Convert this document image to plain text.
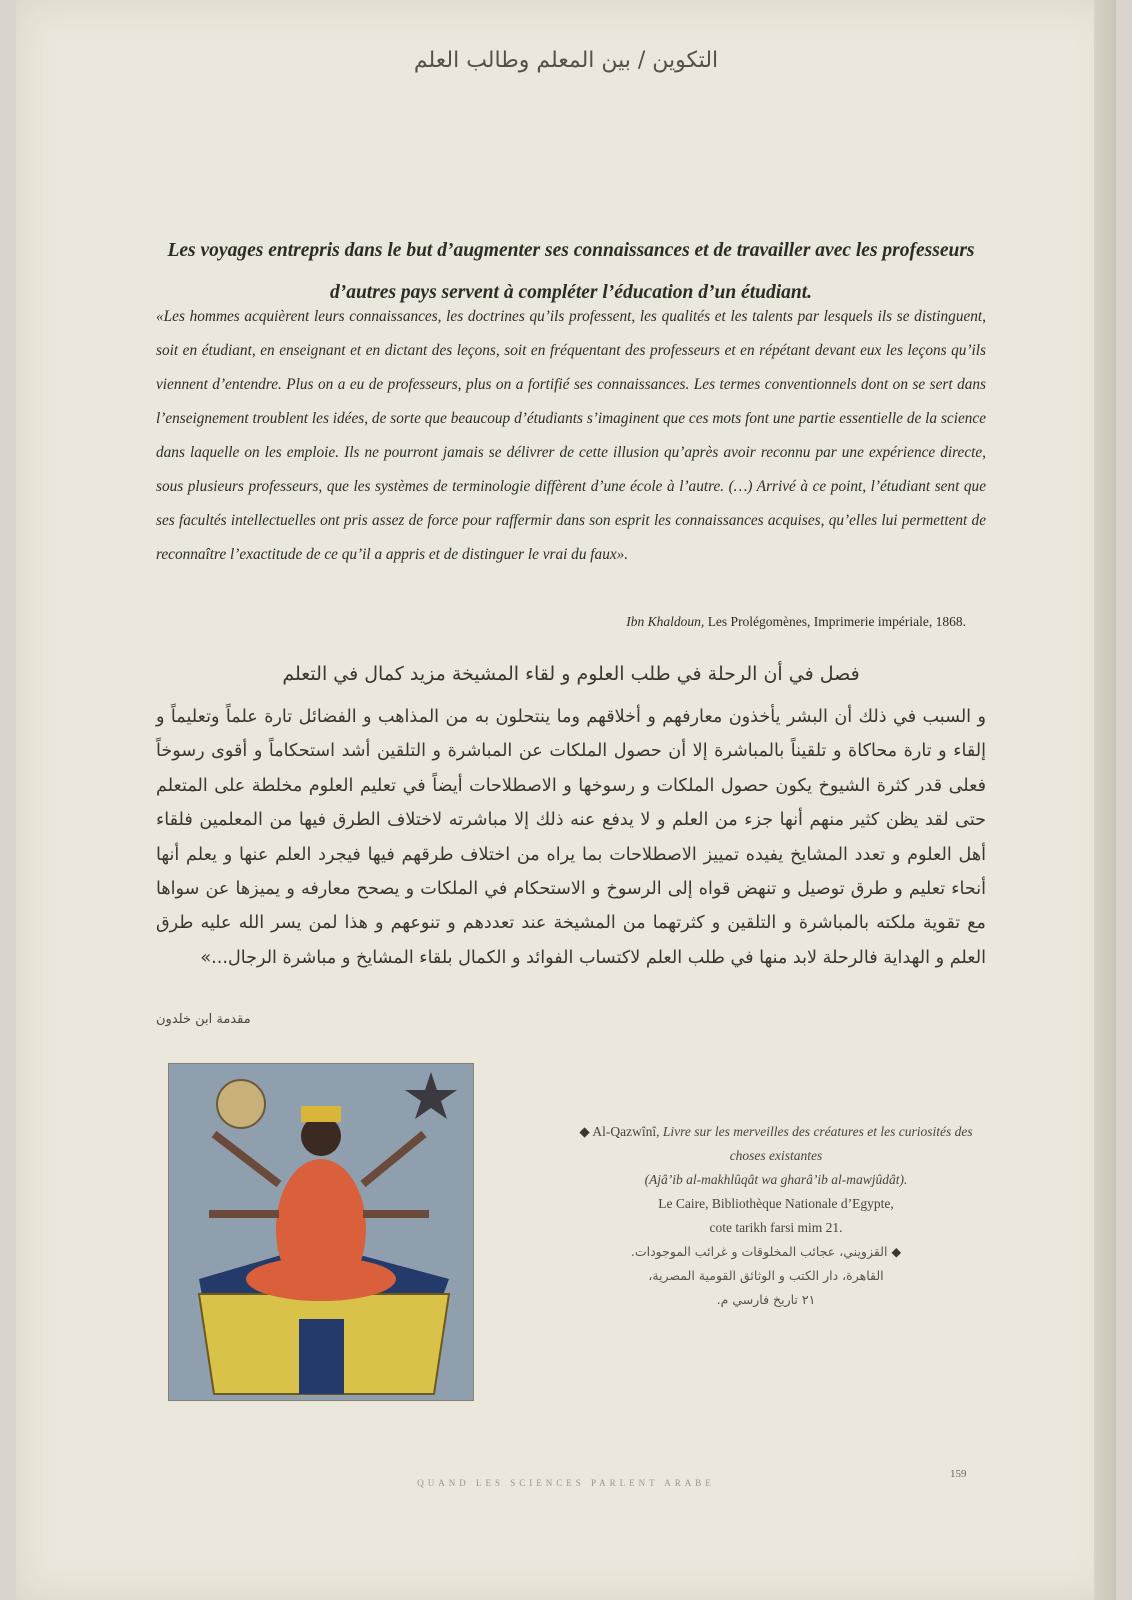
التكوين / بين المعلم وطالب العلم
Les voyages entrepris dans le but d’augmenter ses connaissances et de travailler avec les professeurs d’autres pays servent à compléter l’éducation d’un étudiant.
«Les hommes acquièrent leurs connaissances, les doctrines qu’ils professent, les qualités et les talents par lesquels ils se distinguent, soit en étudiant, en enseignant et en dictant des leçons, soit en fréquentant des professeurs et en répétant devant eux les leçons qu’ils viennent d’entendre. Plus on a eu de professeurs, plus on a fortifié ses connaissances. Les termes conventionnels dont on se sert dans l’enseignement troublent les idées, de sorte que beaucoup d’étudiants s’imaginent que ces mots font une partie essentielle de la science dans laquelle on les emploie. Ils ne pourront jamais se délivrer de cette illusion qu’après avoir reconnu par une expérience directe, sous plusieurs professeurs, que les systèmes de terminologie diffèrent d’une école à l’autre. (…) Arrivé à ce point, l’étudiant sent que ses facultés intellectuelles ont pris assez de force pour raffermir dans son esprit les connaissances acquises, qu’elles lui permettent de reconnaître l’exactitude de ce qu’il a appris et de distinguer le vrai du faux».
Ibn Khaldoun, Les Prolégomènes, Imprimerie impériale, 1868.
فصل في أن الرحلة في طلب العلوم و لقاء المشيخة مزيد كمال في التعلم
و السبب في ذلك أن البشر يأخذون معارفهم و أخلاقهم وما ينتحلون به من المذاهب و الفضائل تارة علماً وتعليماً و إلقاء و تارة محاكاة و تلقيناً بالمباشرة إلا أن حصول الملكات عن المباشرة و التلقين أشد استحكاماً و أقوى رسوخاً فعلى قدر كثرة الشيوخ يكون حصول الملكات و رسوخها و الاصطلاحات أيضاً في تعليم العلوم مخلطة على المتعلم حتى لقد يظن كثير منهم أنها جزء من العلم و لا يدفع عنه ذلك إلا مباشرته لاختلاف الطرق فيها من المعلمين فلقاء أهل العلوم و تعدد المشايخ يفيده تمييز الاصطلاحات بما يراه من اختلاف طرقهم فيها فيجرد العلم عنها و يعلم أنها أنحاء تعليم و طرق توصيل و تنهض قواه إلى الرسوخ و الاستحكام في الملكات و يصحح معارفه و يميزها عن سواها مع تقوية ملكته بالمباشرة و التلقين و كثرتهما من المشيخة عند تعددهم و تنوعهم و هذا لمن يسر الله عليه طرق العلم و الهداية فالرحلة لابد منها في طلب العلم لاكتساب الفوائد و الكمال بلقاء المشايخ و مباشرة الرجال...»
مقدمة ابن خلدون
◆ Al-Qazwînî, Livre sur les merveilles des créatures et les curiosités des choses existantes
(Ajâ’ib al-makhlûqât wa gharâ’ib al-mawjûdât).
Le Caire, Bibliothèque Nationale d’Egypte,
cote tarikh farsi mim 21.
◆ القزويني، عجائب المخلوقات و غرائب الموجودات.
القاهرة، دار الكتب و الوثائق القومية المصرية،
٢١ تاريخ فارسي م.
QUAND LES SCIENCES PARLENT ARABE
159
